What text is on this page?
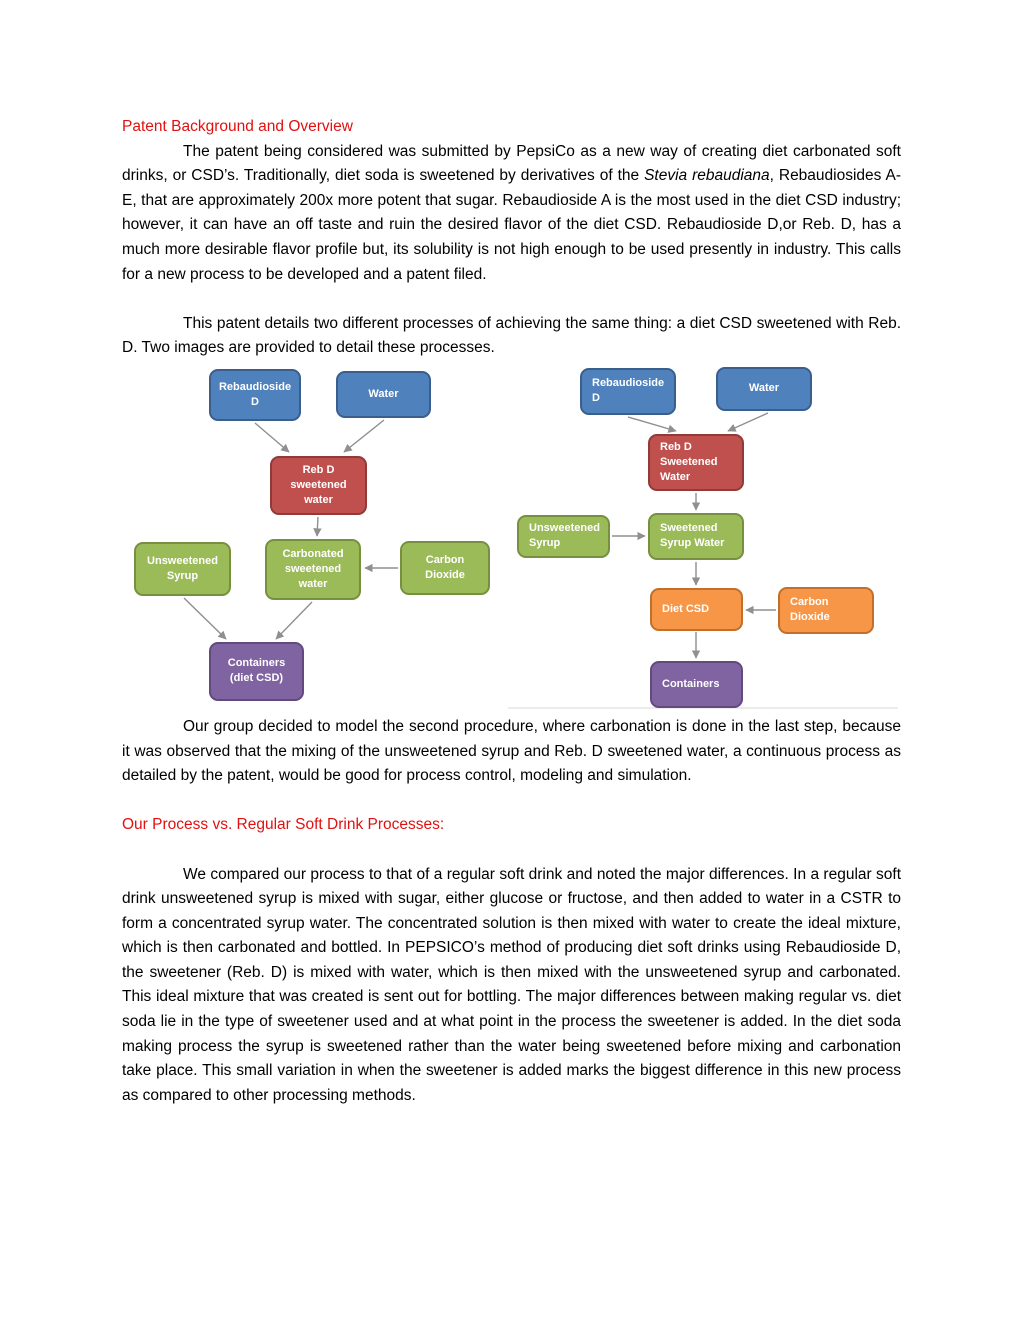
Patent Background and Overview

The patent being considered was submitted by PepsiCo as a new way of creating diet carbonated soft drinks, or CSD’s. Traditionally, diet soda is sweetened by derivatives of the Stevia rebaudiana, Rebaudiosides A-E, that are approximately 200x more potent that sugar. Rebaudioside A is the most used in the diet CSD industry; however, it can have an off taste and ruin the desired flavor of the diet CSD. Rebaudioside D,or Reb. D, has a much more desirable flavor profile but, its solubility is not high enough to be used presently in industry. This calls for a new process to be developed and a patent filed.

This patent details two different processes of achieving the same thing: a diet CSD sweetened with Reb. D. Two images are provided to detail these processes.

Rebaudioside D
Water
Reb D sweetened water
Unsweetened Syrup
Carbonated sweetened water
Carbon Dioxide
Containers (diet CSD)
Rebaudioside D
Water
Reb D Sweetened Water
Unsweetened Syrup
Sweetened Syrup Water
Diet CSD
Carbon Dioxide
Containers

Our group decided to model the second procedure, where carbonation is done in the last step, because it was observed that the mixing of the unsweetened syrup and Reb. D sweetened water, a continuous process as detailed by the patent, would be good for process control, modeling and simulation.

Our Process vs. Regular Soft Drink Processes:

We compared our process to that of a regular soft drink and noted the major differences. In a regular soft drink unsweetened syrup is mixed with sugar, either glucose or fructose, and then added to water in a CSTR to form a concentrated syrup water. The concentrated solution is then mixed with water to create the ideal mixture, which is then carbonated and bottled. In PEPSICO’s method of producing diet soft drinks using Rebaudioside D, the sweetener (Reb. D) is mixed with water, which is then mixed with the unsweetened syrup and carbonated. This ideal mixture that was created is sent out for bottling. The major differences between making regular vs. diet soda lie in the type of sweetener used and at what point in the process the sweetener is added. In the diet soda making process the syrup is sweetened rather than the water being sweetened before mixing and carbonation take place. This small variation in when the sweetener is added marks the biggest difference in this new process as compared to other processing methods.
